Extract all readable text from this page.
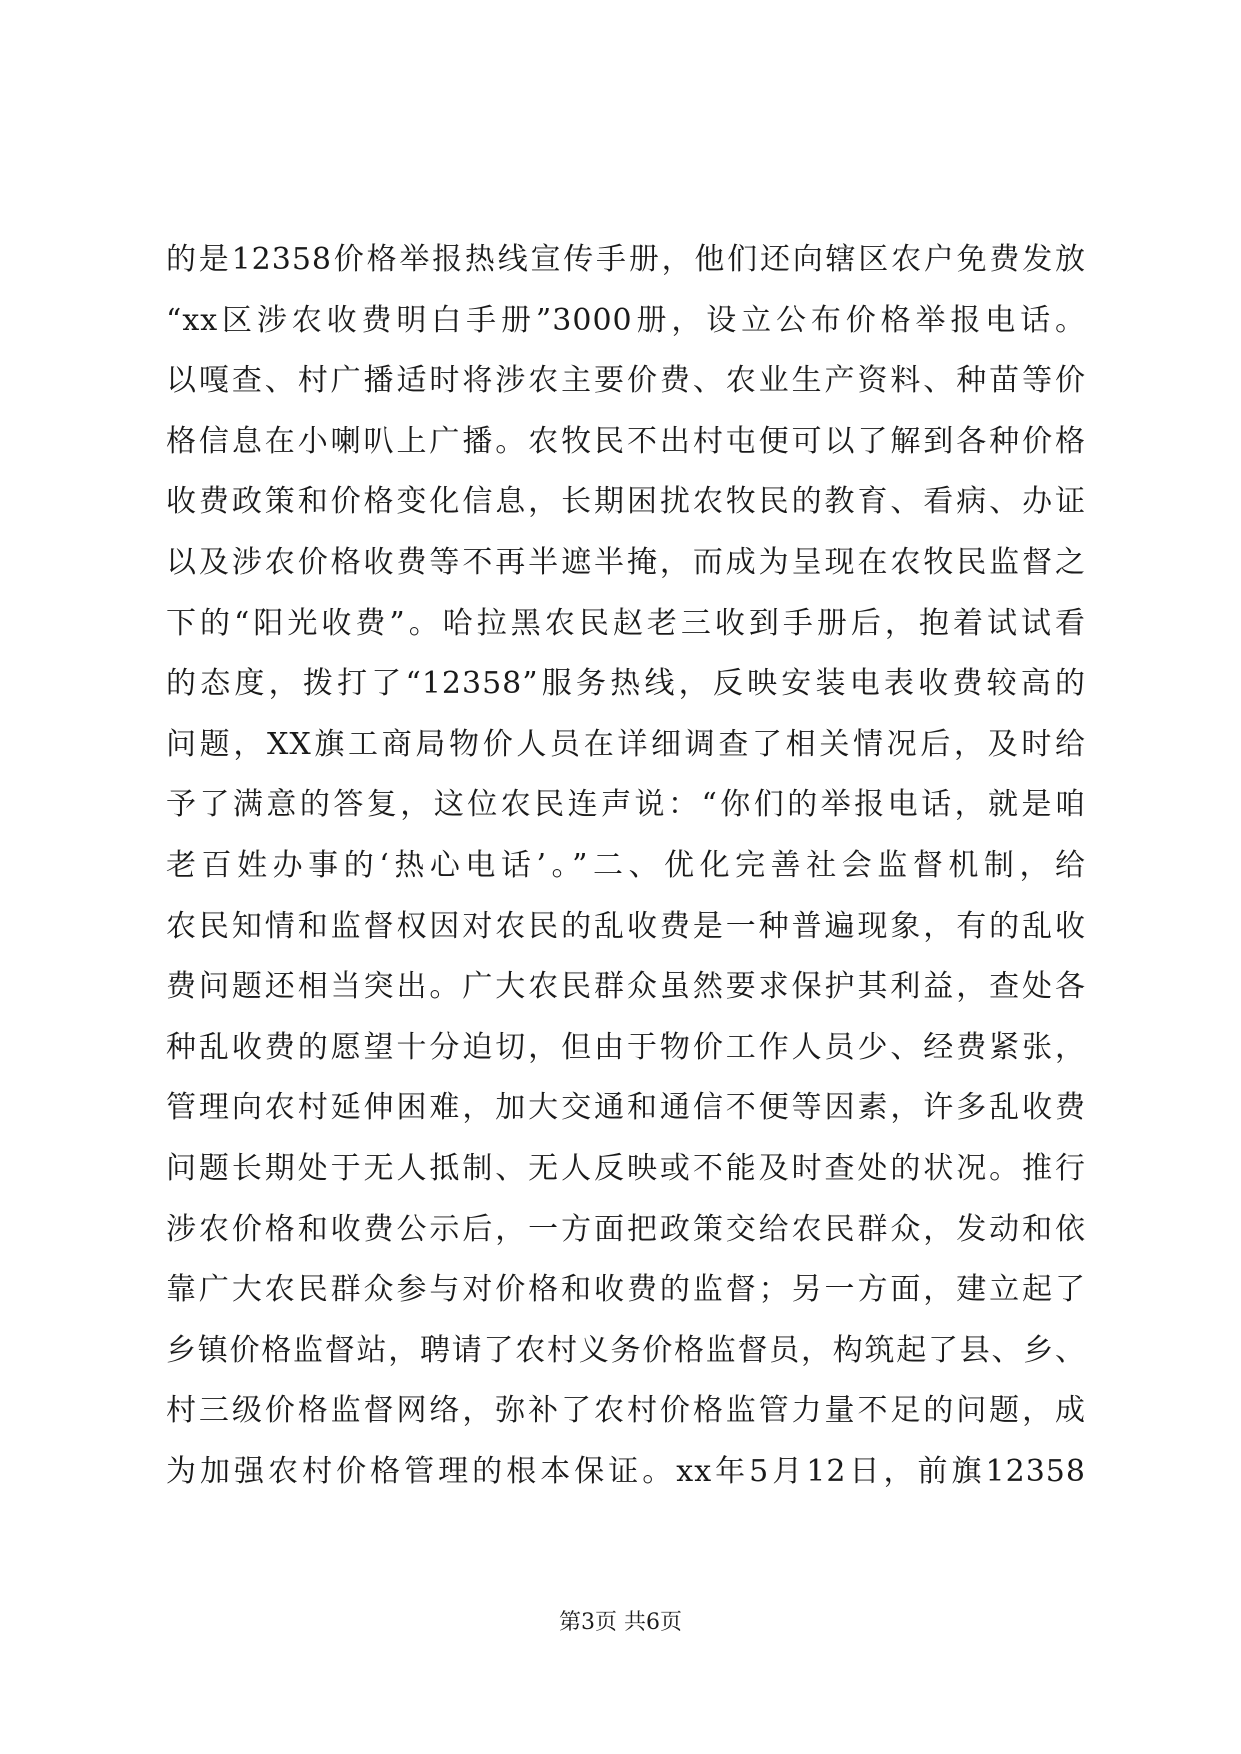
的是12358价格举报热线宣传手册，他们还向辖区农户免费发放
“xx区涉农收费明白手册”3000册，设立公布价格举报电话。
以嘎查、村广播适时将涉农主要价费、农业生产资料、种苗等价
格信息在小喇叭上广播。农牧民不出村屯便可以了解到各种价格
收费政策和价格变化信息，长期困扰农牧民的教育、看病、办证
以及涉农价格收费等不再半遮半掩，而成为呈现在农牧民监督之
下的“阳光收费”。哈拉黑农民赵老三收到手册后，抱着试试看
的态度，拨打了“12358”服务热线，反映安装电表收费较高的
问题，XX旗工商局物价人员在详细调查了相关情况后，及时给
予了满意的答复，这位农民连声说：“你们的举报电话，就是咱
老百姓办事的‘热心电话’。”二、优化完善社会监督机制，给
农民知情和监督权因对农民的乱收费是一种普遍现象，有的乱收
费问题还相当突出。广大农民群众虽然要求保护其利益，查处各
种乱收费的愿望十分迫切，但由于物价工作人员少、经费紧张，
管理向农村延伸困难，加大交通和通信不便等因素，许多乱收费
问题长期处于无人抵制、无人反映或不能及时查处的状况。推行
涉农价格和收费公示后，一方面把政策交给农民群众，发动和依
靠广大农民群众参与对价格和收费的监督；另一方面，建立起了
乡镇价格监督站，聘请了农村义务价格监督员，构筑起了县、乡、
村三级价格监督网络，弥补了农村价格监管力量不足的问题，成
为加强农村价格管理的根本保证。xx年5月12日，前旗12358
第3页 共6页
